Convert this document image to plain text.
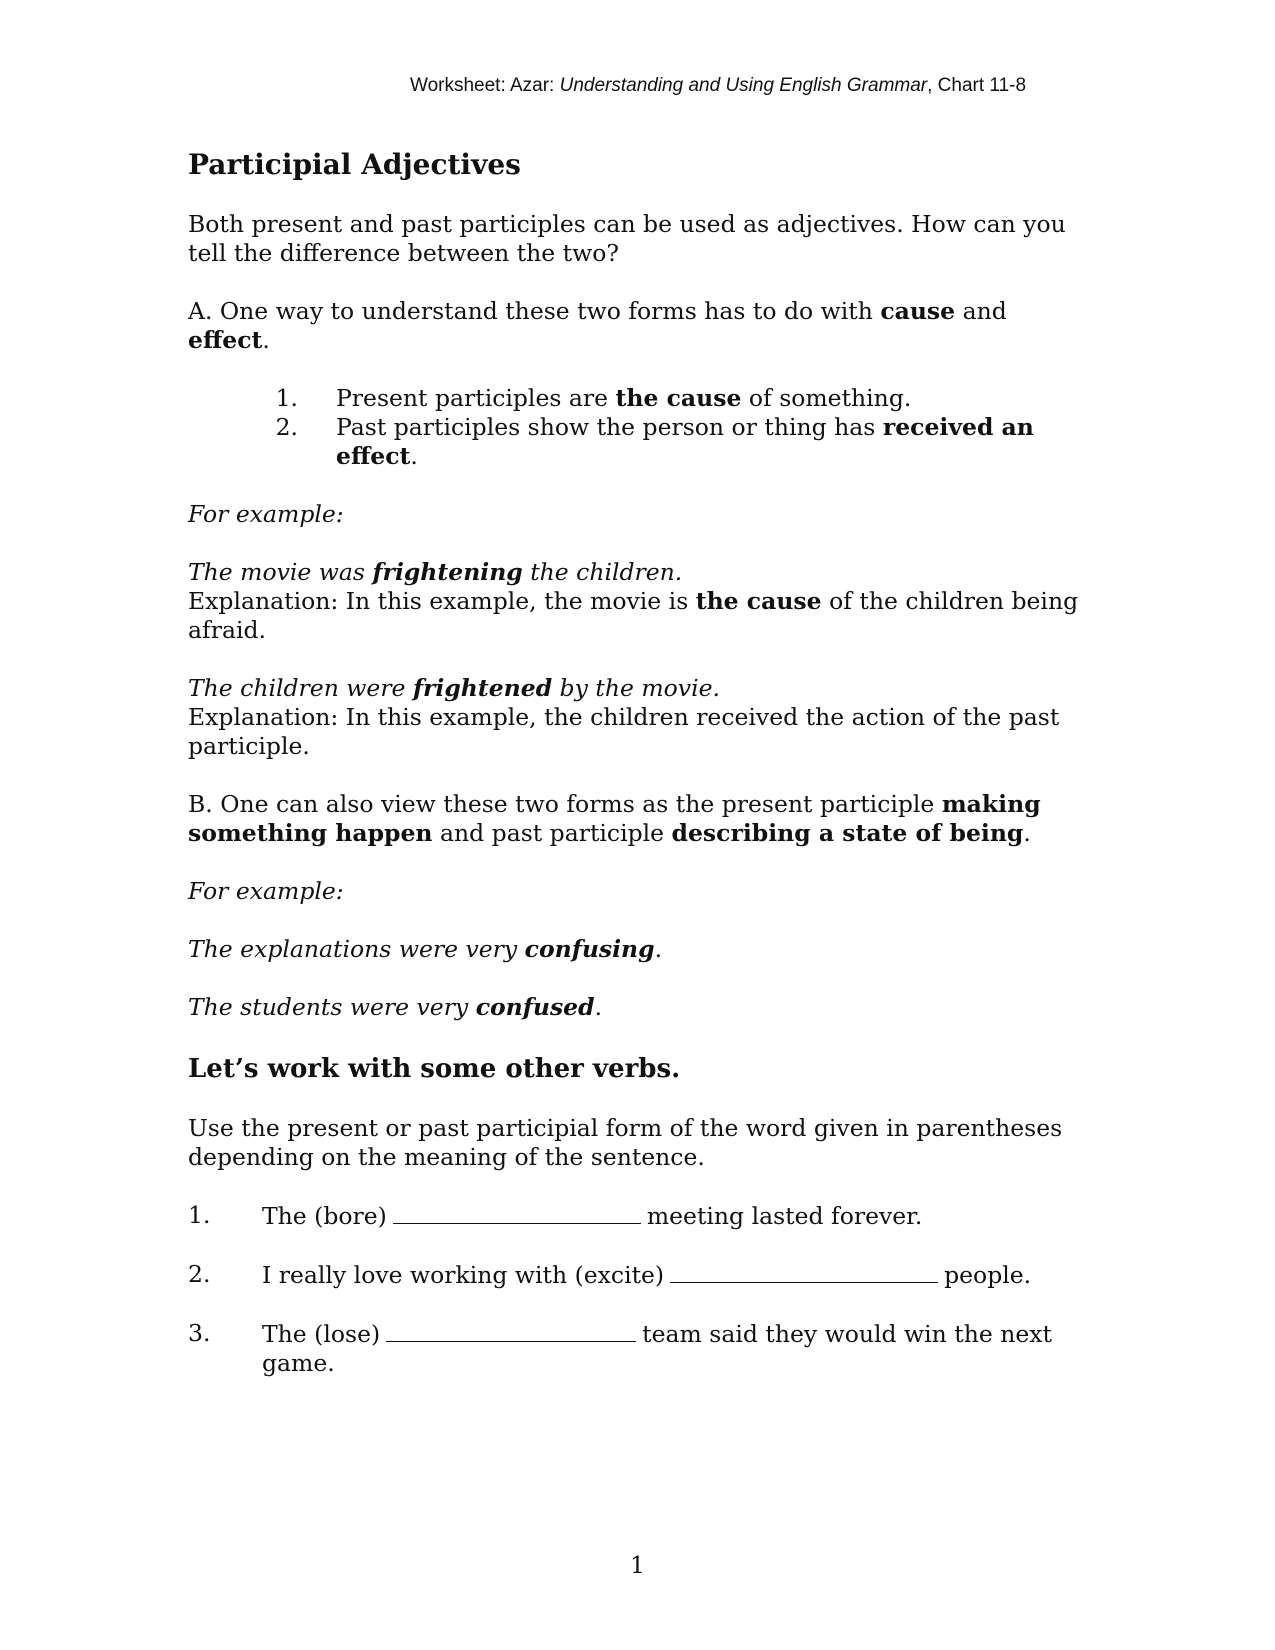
Worksheet: Azar: Understanding and Using English Grammar, Chart 11-8
Participial Adjectives

Both present and past participles can be used as adjectives. How can you tell the difference between the two?

A. One way to understand these two forms has to do with cause and effect.

1.	Present participles are the cause of something.
2.	Past participles show the person or thing has received an effect.

For example:

The movie was frightening the children.
Explanation: In this example, the movie is the cause of the children being afraid.

The children were frightened by the movie.
Explanation: In this example, the children received the action of the past participle.

B. One can also view these two forms as the present participle making something happen and past participle describing a state of being.

For example:

The explanations were very confusing.

The students were very confused.

Let’s work with some other verbs.

Use the present or past participial form of the word given in parentheses depending on the meaning of the sentence.

1.	The (bore)	meeting lasted forever.
2.	I really love working with (excite)	people.
3.	The (lose)	team said they would win the next game.
1
